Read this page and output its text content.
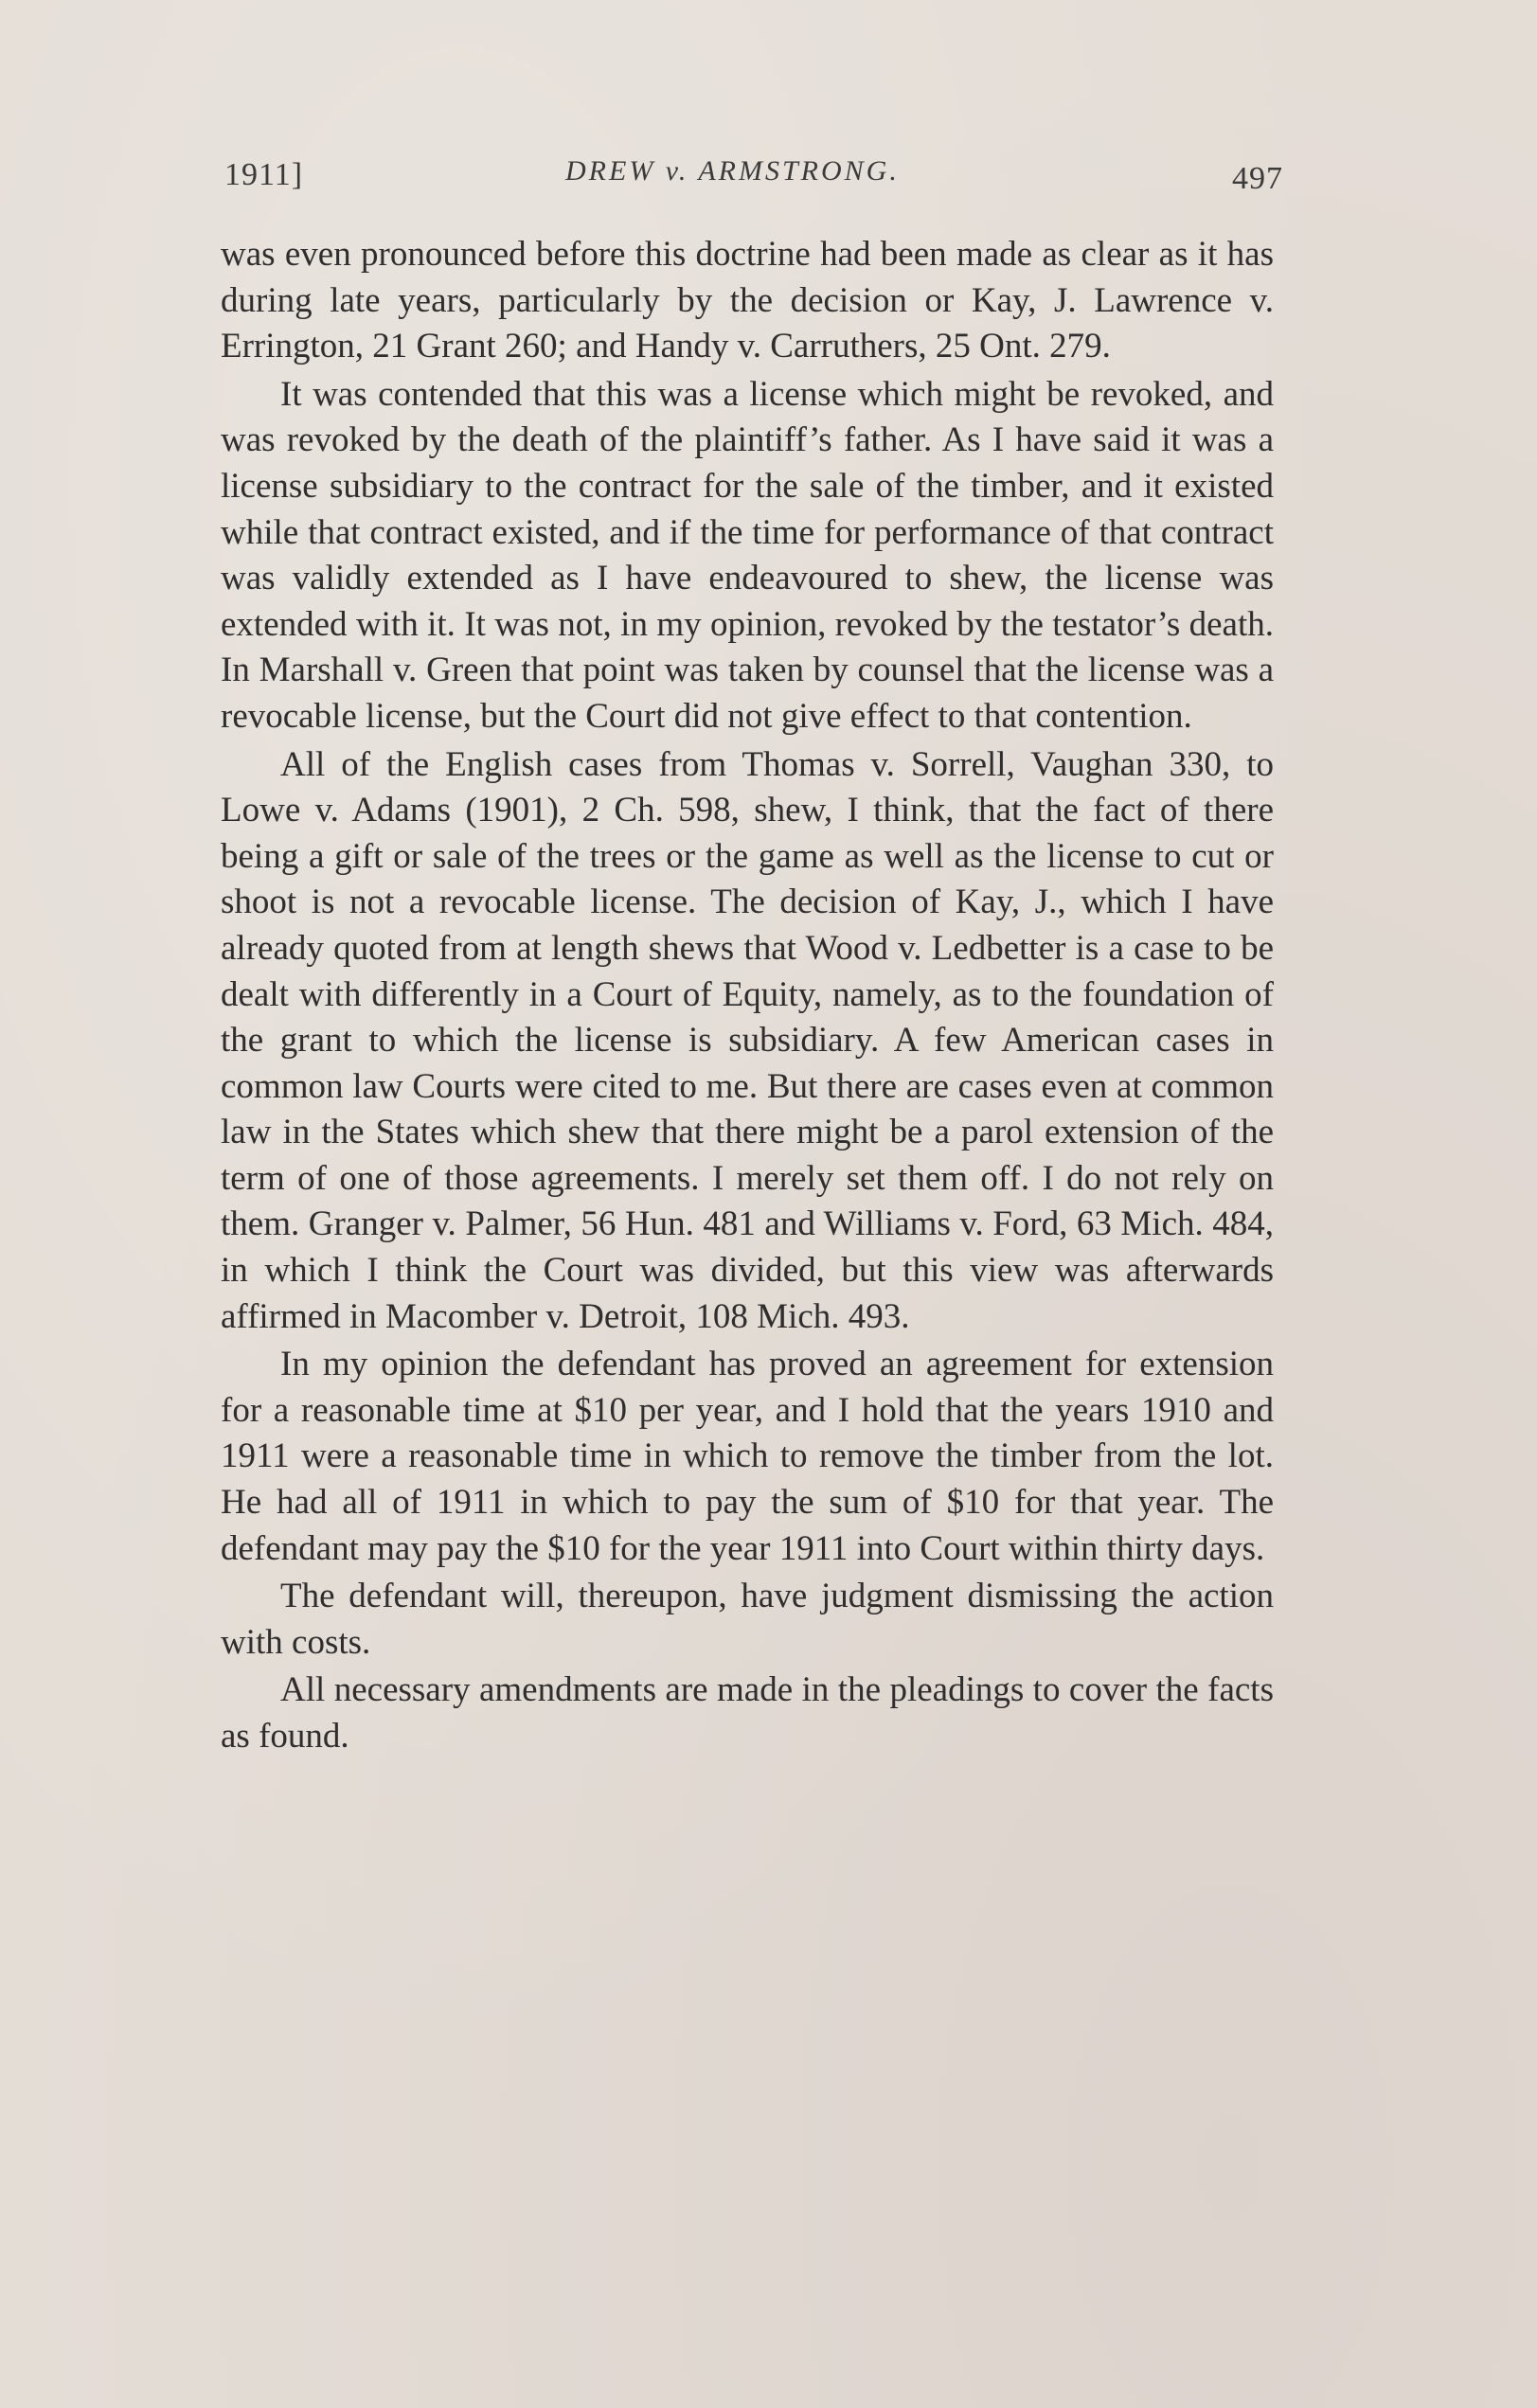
1911]	DREW v. ARMSTRONG.	497

was even pronounced before this doctrine had been made as clear as it has during late years, particularly by the decision or Kay, J. Lawrence v. Errington, 21 Grant 260; and Handy v. Carruthers, 25 Ont. 279.

It was contended that this was a license which might be revoked, and was revoked by the death of the plaintiff’s father. As I have said it was a license subsidiary to the contract for the sale of the timber, and it existed while that contract existed, and if the time for performance of that contract was validly extended as I have endeavoured to shew, the license was extended with it. It was not, in my opinion, revoked by the testator’s death. In Marshall v. Green that point was taken by counsel that the license was a revocable license, but the Court did not give effect to that contention.

All of the English cases from Thomas v. Sorrell, Vaughan 330, to Lowe v. Adams (1901), 2 Ch. 598, shew, I think, that the fact of there being a gift or sale of the trees or the game as well as the license to cut or shoot is not a revocable license. The decision of Kay, J., which I have already quoted from at length shews that Wood v. Ledbetter is a case to be dealt with differently in a Court of Equity, namely, as to the foundation of the grant to which the license is subsidiary. A few American cases in common law Courts were cited to me. But there are cases even at common law in the States which shew that there might be a parol extension of the term of one of those agreements. I merely set them off. I do not rely on them. Granger v. Palmer, 56 Hun. 481 and Williams v. Ford, 63 Mich. 484, in which I think the Court was divided, but this view was afterwards affirmed in Macomber v. Detroit, 108 Mich. 493.

In my opinion the defendant has proved an agreement for extension for a reasonable time at $10 per year, and I hold that the years 1910 and 1911 were a reasonable time in which to remove the timber from the lot. He had all of 1911 in which to pay the sum of $10 for that year. The defendant may pay the $10 for the year 1911 into Court within thirty days.

The defendant will, thereupon, have judgment dismissing the action with costs.

All necessary amendments are made in the pleadings to cover the facts as found.
